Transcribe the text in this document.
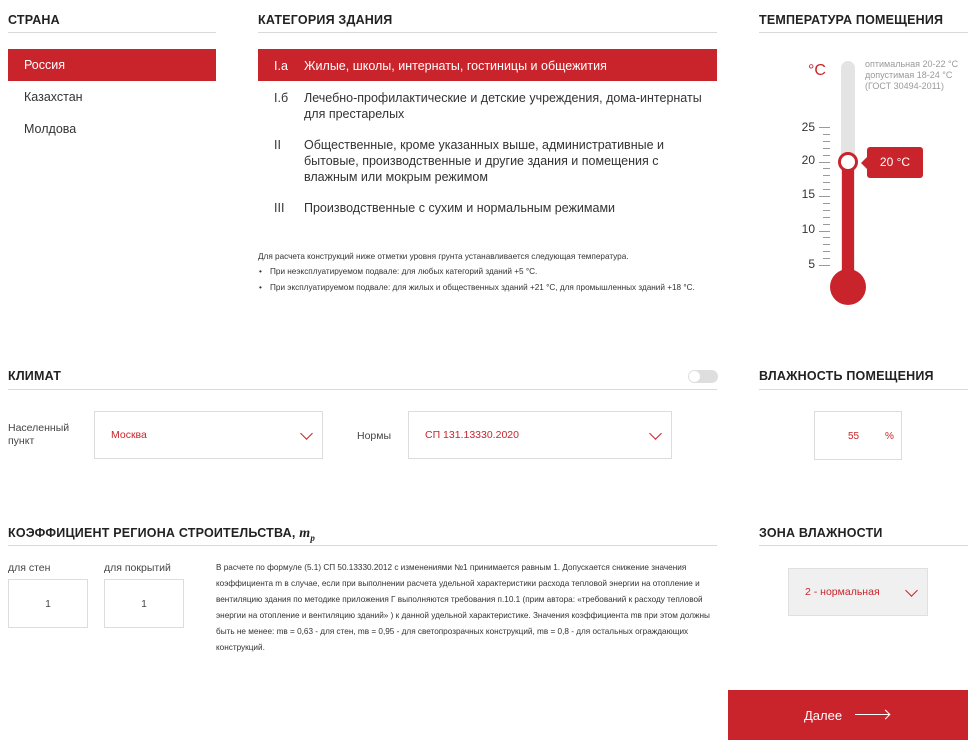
СТРАНА
Россия
Казахстан
Молдова
КАТЕГОРИЯ ЗДАНИЯ
I.а	Жилые, школы, интернаты, гостиницы и общежития
I.б	Лечебно-профилактические и детские учреждения, дома-интернаты для престарелых
II	Общественные, кроме указанных выше, административные и бытовые, производственные и другие здания и помещения с влажным или мокрым режимом
III	Производственные с сухим и нормальным режимами
Для расчета конструкций ниже отметки уровня грунта устанавливается следующая температура.
• При неэксплуатируемом подвале: для любых категорий зданий +5 °С.
• При эксплуатируемом подвале: для жилых и общественных зданий +21 °С, для промышленных зданий +18 °С.
ТЕМПЕРАТУРА ПОМЕЩЕНИЯ
°C	оптимальная 20-22 °C
допустимая 18-24 °C
(ГОСТ 30494-2011)
25
20
15
10
5
20 °C
КЛИМАТ
Населенный пункт	Москва	Нормы	СП 131.13330.2020
ВЛАЖНОСТЬ ПОМЕЩЕНИЯ
55	%
КОЭФФИЦИЕНТ РЕГИОНА СТРОИТЕЛЬСТВА, $m_p$
для стен
1
для покрытий
1
В расчете по формуле (5.1) СП 50.13330.2012 с изменениями №1 принимается равным 1. Допускается снижение значения коэффициента m в случае, если при выполнении расчета удельной характеристики расхода тепловой энергии на отопление и вентиляцию здания по методике приложения Г выполняются требования п.10.1 (прим автора: «требований к расходу тепловой энергии на отопление и вентиляцию зданий» ) к данной удельной характеристике. Значения коэффициента mв при этом должны быть не менее: mв = 0,63 - для стен, mв = 0,95 - для светопрозрачных конструкций, mв = 0,8 - для остальных ограждающих конструкций.
ЗОНА ВЛАЖНОСТИ
2 - нормальная
Далее
